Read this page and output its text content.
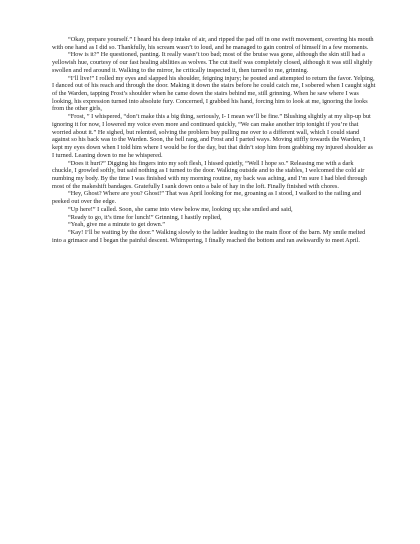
“Okay, prepare yourself.” I heard his deep intake of air, and ripped the pad off in one swift movement, covering his mouth with one hand as I did so. Thankfully, his scream wasn’t to loud, and he managed to gain control of himself in a few moments.

“How is it?” He questioned, panting. It really wasn’t too bad; most of the bruise was gone, although the skin still had a yellowish hue, courtesy of our fast healing abilities as wolves. The cut itself was completely closed, although it was still slightly swollen and red around it. Walking to the mirror, he critically inspected it, then turned to me, grinning.

“I’ll live!” I rolled my eyes and slapped his shoulder, feigning injury; he pouted and attempted to return the favor. Yelping, I danced out of his reach and through the door. Making it down the stairs before he could catch me, I sobered when I caught sight of the Warden, tapping Frost’s shoulder when he came down the stairs behind me, still grinning. When he saw where I was looking, his expression turned into absolute fury. Concerned, I grabbed his hand, forcing him to look at me, ignoring the looks from the other girls,

“Frost, ” I whispered, “don’t make this a big thing, seriously, I- I mean we’ll be fine.” Blushing slightly at my slip-up but ignoring it for now, I lowered my voice even more and continued quickly, “We can make another trip tonight if you’re that worried about it.” He sighed, but relented, solving the problem buy pulling me over to a different wall, which I could stand against so his back was to the Warden. Soon, the bell rang, and Frost and I parted ways. Moving stiffly towards the Warden, I kept my eyes down when I told him where I would be for the day, but that didn’t stop him from grabbing my injured shoulder as I turned. Leaning down to me he whispered.

“Does it hurt?” Digging his fingers into my soft flesh, I hissed quietly, “Well I hope so.” Releasing me with a dark chuckle, I growled softly, but said nothing as I turned to the door. Walking outside and to the stables, I welcomed the cold air numbing my body. By the time I was finished with my morning routine, my back was aching, and I’m sure I had bled through most of the makeshift bandages. Gratefully I sank down onto a bale of hay in the loft. Finally finished with chores.

“Hey, Ghost? Where are you? Ghost!” That was April looking for me, groaning as I stood, I walked to the railing and peeked out over the edge.

“Up here!” I called. Soon, she came into view below me, looking up; she smiled and said,

“Ready to go, it’s time for lunch!” Grinning, I hastily replied,

“Yeah, give me a minute to get down.”

“Kay! I’ll be waiting by the door.” Walking slowly to the ladder leading to the main floor of the barn. My smile melted into a grimace and I began the painful descent. Whimpering, I finally reached the bottom and ran awkwardly to meet April.
